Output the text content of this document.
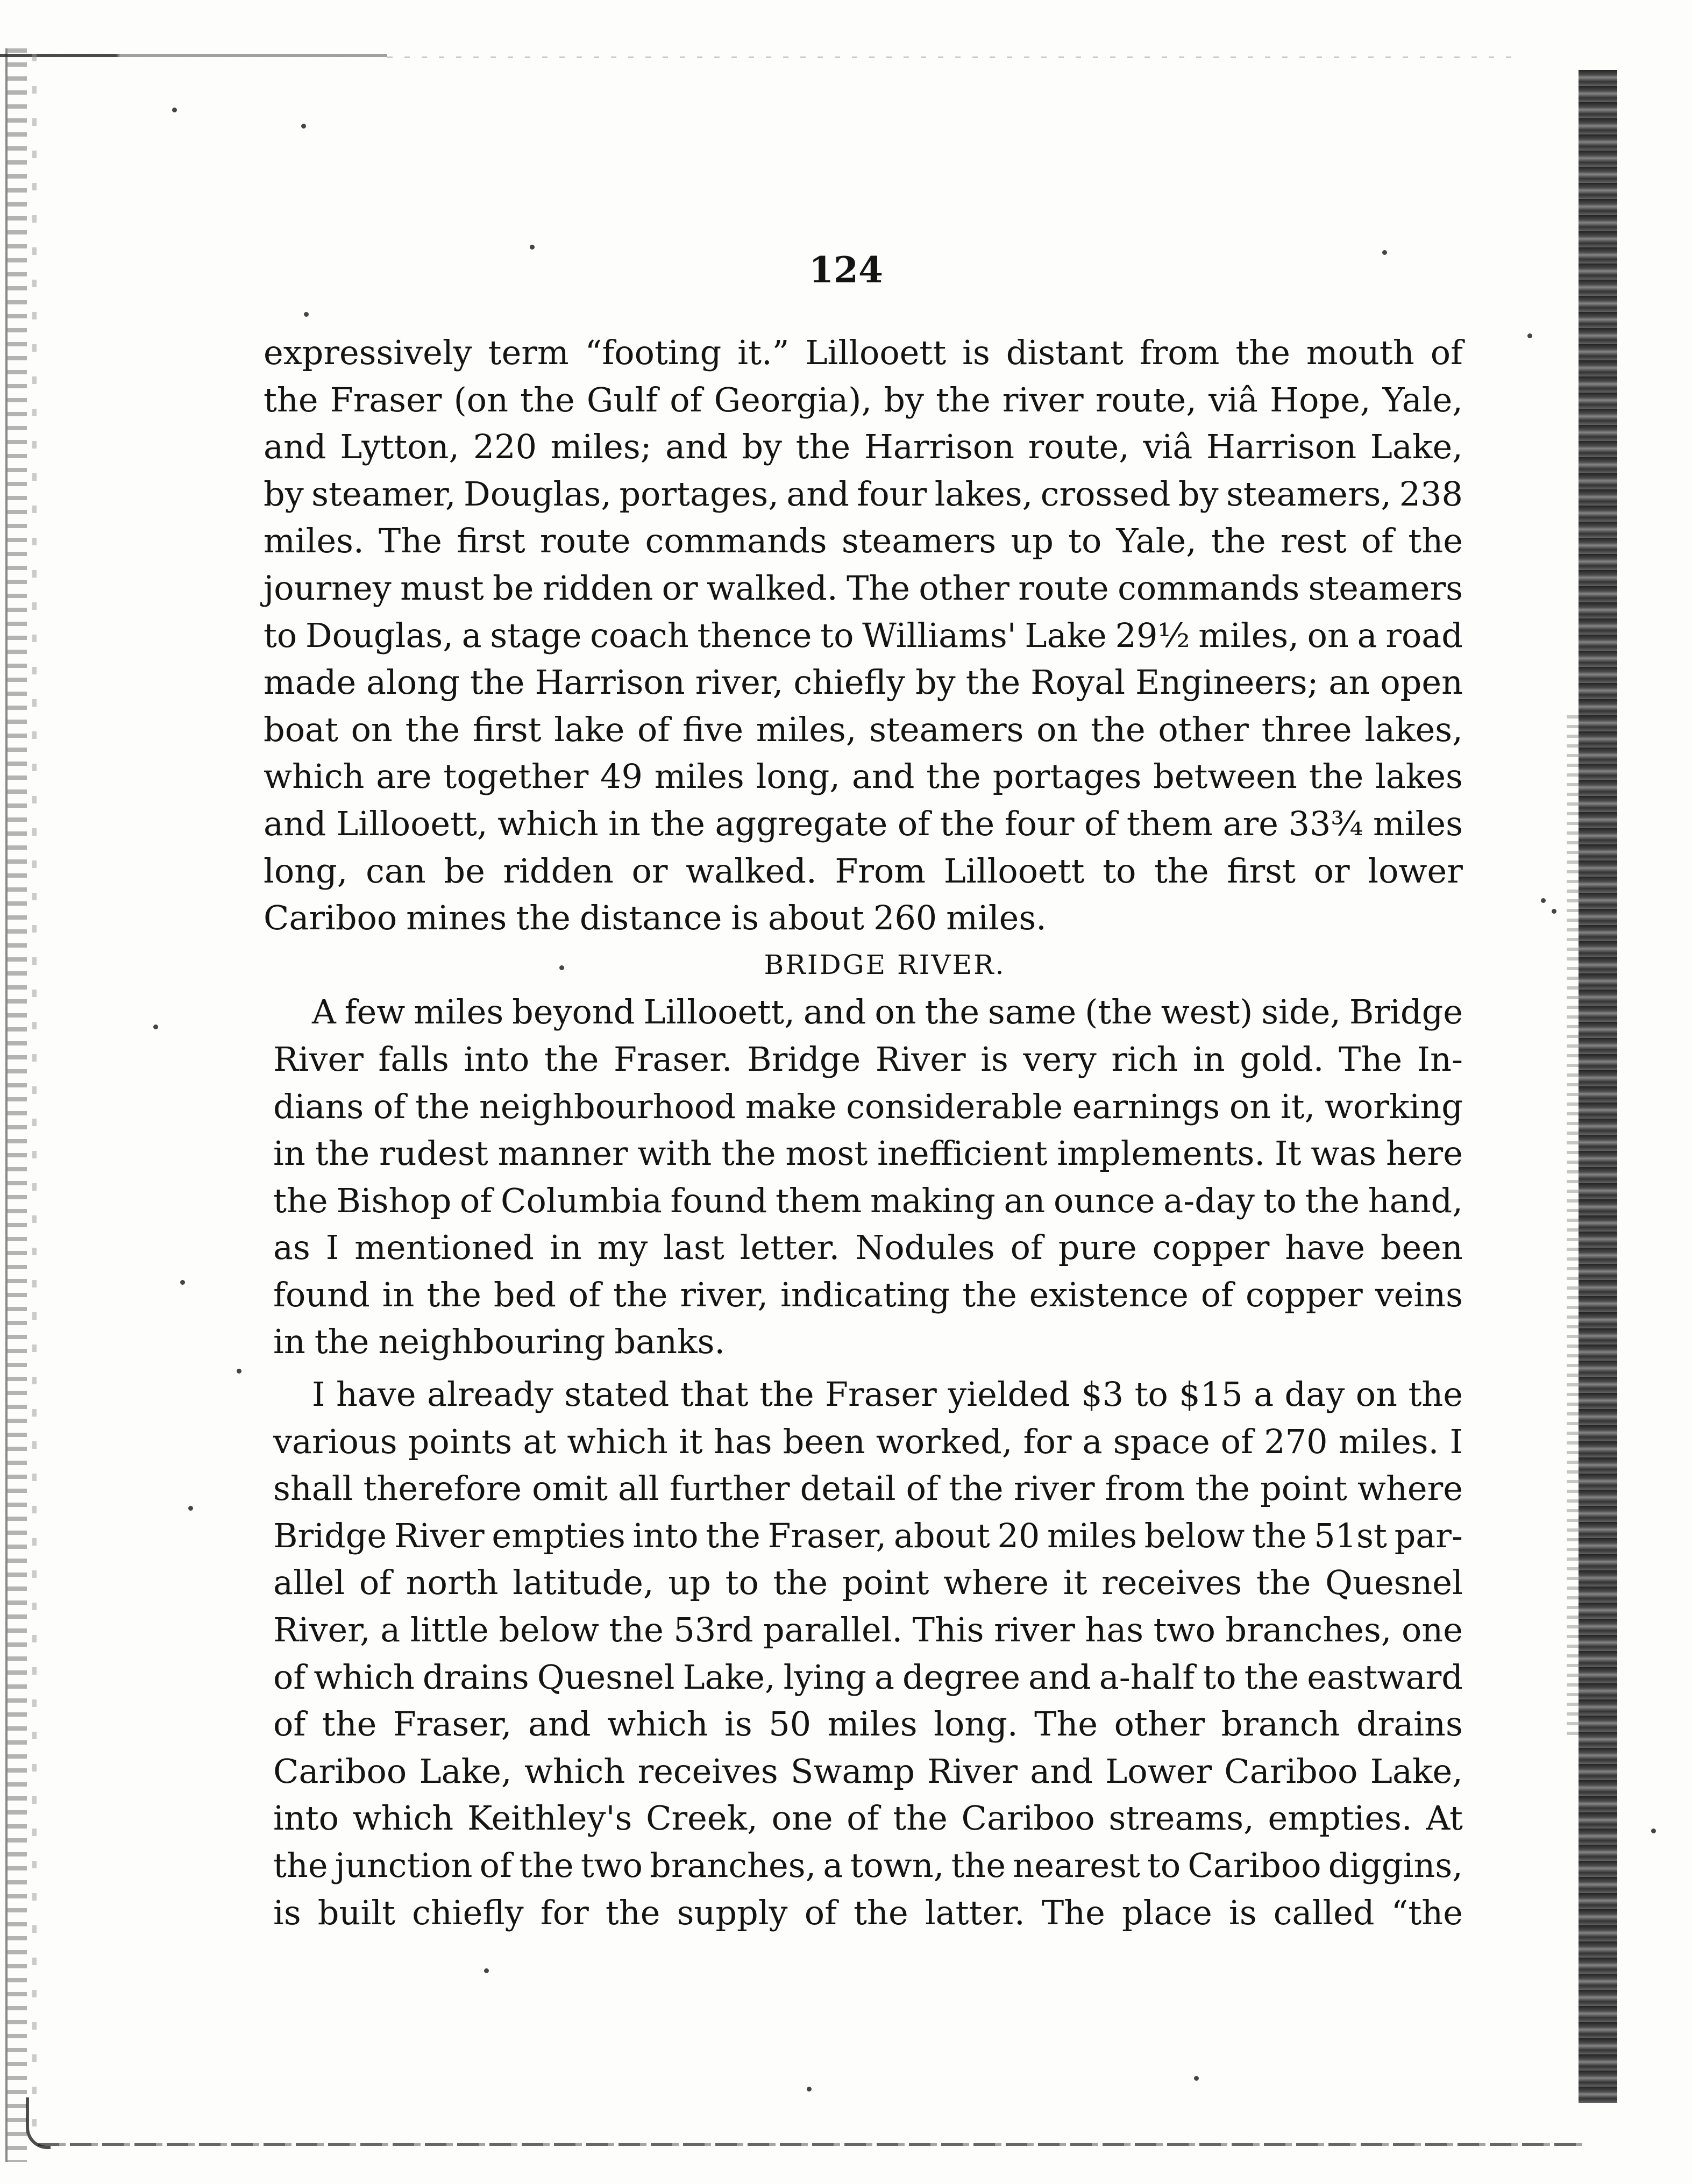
124
expressively term “footing it.” Lillooett is distant from the mouth of
the Fraser (on the Gulf of Georgia), by the river route, viâ Hope, Yale,
and Lytton, 220 miles; and by the Harrison route, viâ Harrison Lake,
by steamer, Douglas, portages, and four lakes, crossed by steamers, 238
miles. The first route commands steamers up to Yale, the rest of the
journey must be ridden or walked. The other route commands steamers
to Douglas, a stage coach thence to Williams' Lake 29½ miles, on a road
made along the Harrison river, chiefly by the Royal Engineers; an open
boat on the first lake of five miles, steamers on the other three lakes,
which are together 49 miles long, and the portages between the lakes
and Lillooett, which in the aggregate of the four of them are 33¾ miles
long, can be ridden or walked. From Lillooett to the first or lower
Cariboo mines the distance is about 260 miles.
BRIDGE RIVER.
A few miles beyond Lillooett, and on the same (the west) side, Bridge
River falls into the Fraser. Bridge River is very rich in gold. The In-
dians of the neighbourhood make considerable earnings on it, working
in the rudest manner with the most inefficient implements. It was here
the Bishop of Columbia found them making an ounce a-day to the hand,
as I mentioned in my last letter. Nodules of pure copper have been
found in the bed of the river, indicating the existence of copper veins
in the neighbouring banks.
I have already stated that the Fraser yielded $3 to $15 a day on the
various points at which it has been worked, for a space of 270 miles. I
shall therefore omit all further detail of the river from the point where
Bridge River empties into the Fraser, about 20 miles below the 51st par-
allel of north latitude, up to the point where it receives the Quesnel
River, a little below the 53rd parallel. This river has two branches, one
of which drains Quesnel Lake, lying a degree and a-half to the eastward
of the Fraser, and which is 50 miles long. The other branch drains
Cariboo Lake, which receives Swamp River and Lower Cariboo Lake,
into which Keithley's Creek, one of the Cariboo streams, empties. At
the junction of the two branches, a town, the nearest to Cariboo diggins,
is built chiefly for the supply of the latter. The place is called “the
